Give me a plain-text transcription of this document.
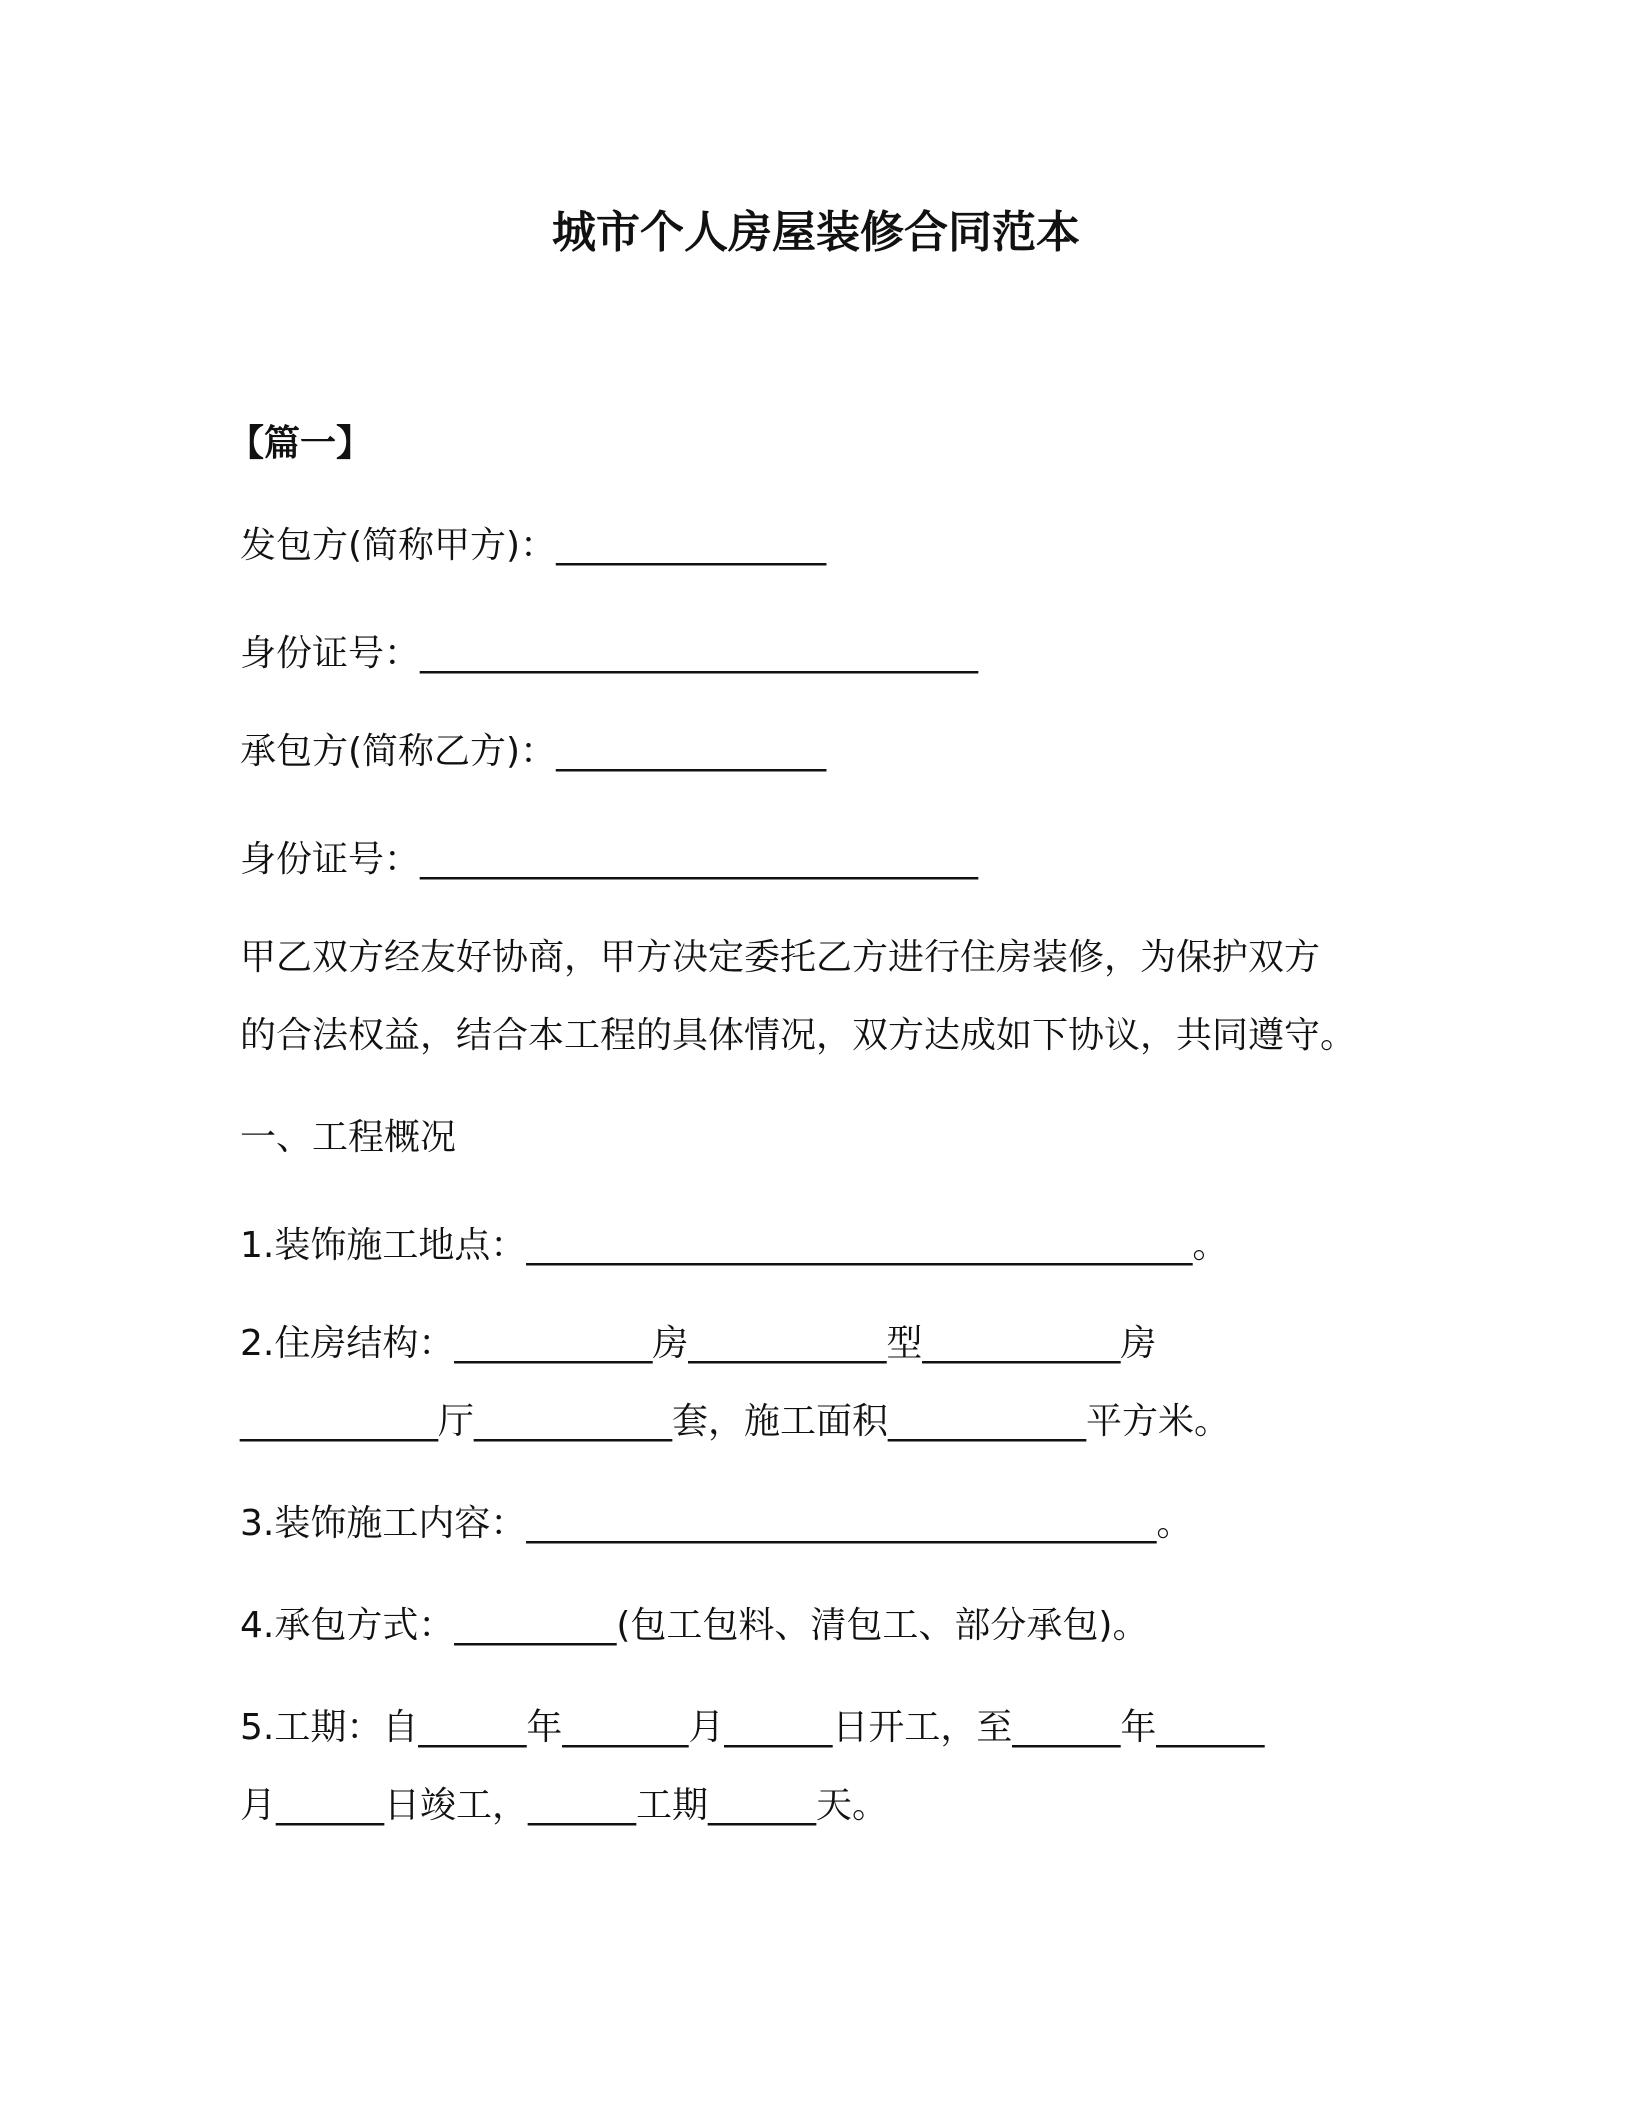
城市个人房屋装修合同范本
【篇一】
发包方(简称甲方)：_______________
身份证号：_______________________________
承包方(简称乙方)：_______________
身份证号：_______________________________
甲乙双方经友好协商，甲方决定委托乙方进行住房装修，为保护双方
的合法权益，结合本工程的具体情况，双方达成如下协议，共同遵守。
一、工程概况
1.装饰施工地点：_____________________________________。
2.住房结构：___________房___________型___________房
___________厅___________套，施工面积___________平方米。
3.装饰施工内容：___________________________________。
4.承包方式：_________(包工包料、清包工、部分承包)。
5.工期：自______年_______月______日开工，至______年______
月______日竣工，______工期______天。
